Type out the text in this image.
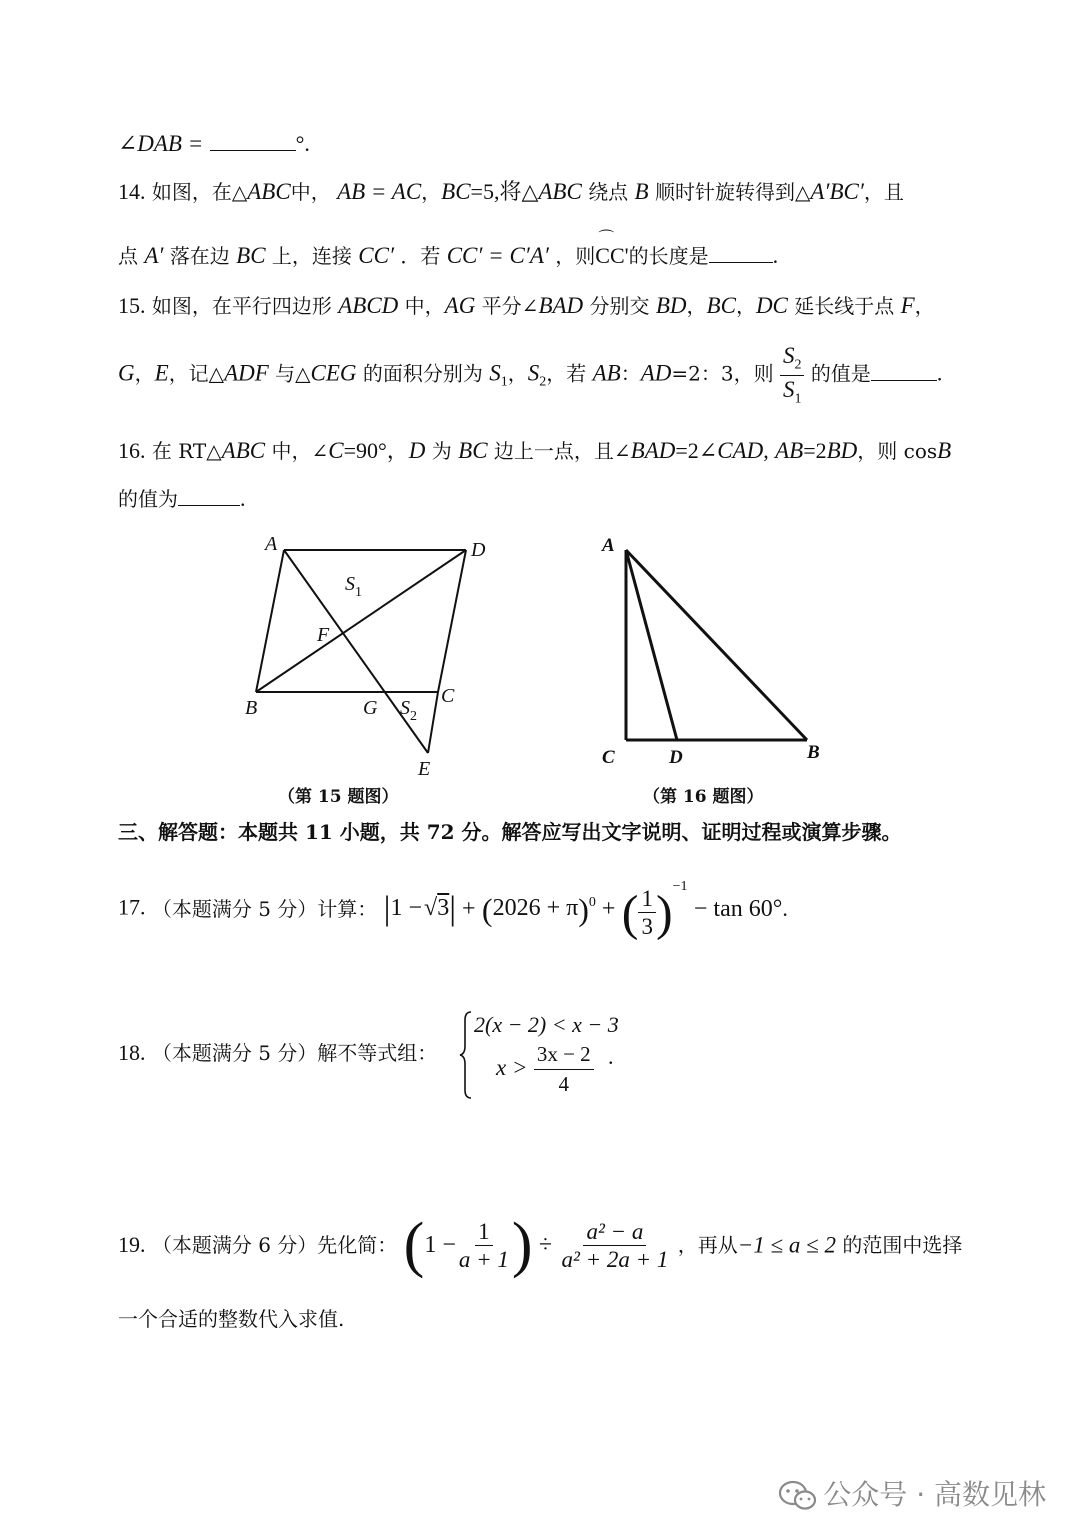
∠DAB =	°.
14. 如图，在△ABC中， AB = AC，BC=5,将△ABC 绕点 B 顺时针旋转得到△A′BC′，且
点 A′ 落在边 BC 上，连接 CC′ ．若 CC′ = C′A′ ，则
⌒
CC'的长度是	.
15. 如图，在平行四边形 ABCD 中，AG 平分∠BAD 分别交 BD，BC，DC 延长线于点 F，
G，E，记△ADF 与△CEG 的面积分别为 $S_1$，$S_2$，若 AB：AD=2：3，则 $\frac{S_2}{S_1}$ 的值是	.
16. 在 RT△ABC 中，∠C=90°，D 为 BC 边上一点，且∠BAD=2∠CAD, AB=2BD，则 cosB
的值为	.
A	D
B
C
F
G
E
$S_1$
$S_2$
（第 15 题图）
A
C	D	B
（第 16 题图）
三、解答题：本题共 11 小题，共 72 分。解答应写出文字说明、证明过程或演算步骤。
17. （本题满分 5 分）计算： $|1 -√3| + (2026 + \pi)^0$ + ( $\frac{1}{3} )^{-1} - \tan 60^\circ$.
18. （本题满分 5 分）解不等式组：
2(x − 2) < x − 3
$x > \frac{3x - 2}{4}$ .
19. （本题满分 6 分）先化简： ($1 - \frac{1}{a + 1}$ ) ÷ $\frac{\text{a² − a}}{\text{a² + 2a + 1}}$ ，再从−1 ≤ a ≤ 2 的范围中选择
一个合适的整数代入求值.
公众号 · 高数见林
